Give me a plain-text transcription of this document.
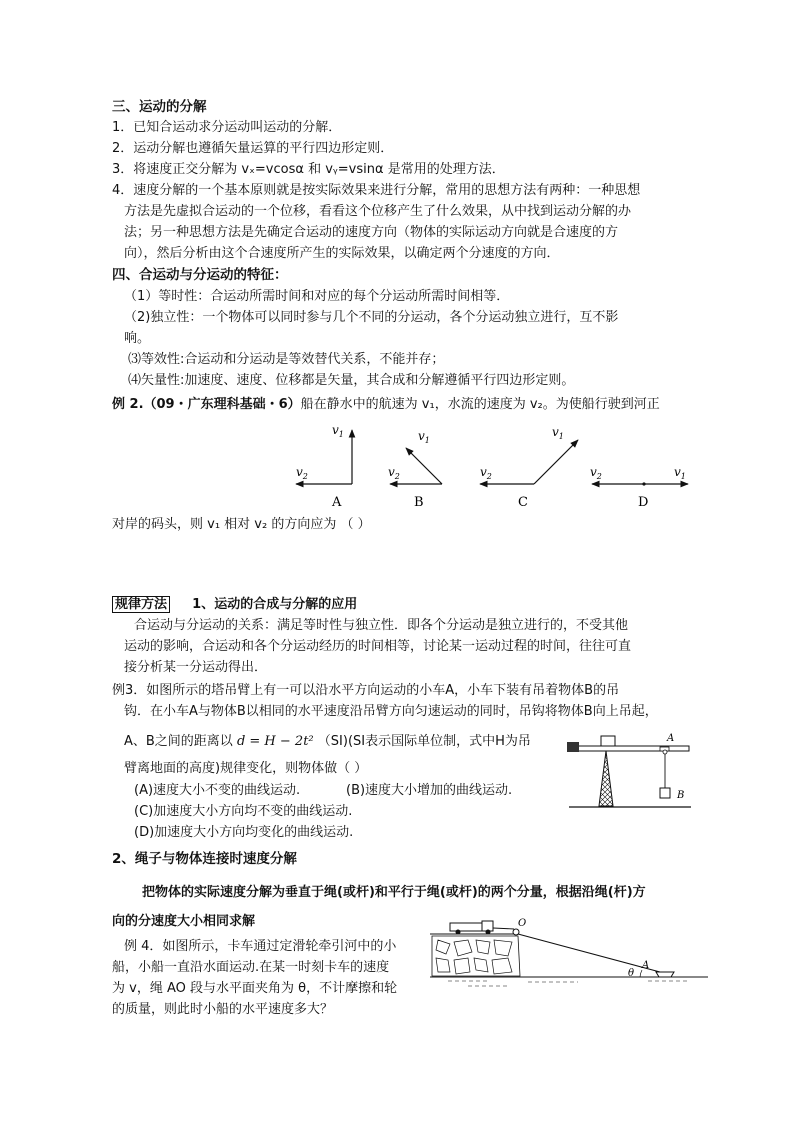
三、运动的分解
1．已知合运动求分运动叫运动的分解．
2．运动分解也遵循矢量运算的平行四边形定则．
3．将速度正交分解为 vₓ=vcosα 和 vᵧ=vsinα 是常用的处理方法．
4．速度分解的一个基本原则就是按实际效果来进行分解，常用的思想方法有两种：一种思想
方法是先虚拟合运动的一个位移，看看这个位移产生了什么效果，从中找到运动分解的办
法；另一种思想方法是先确定合运动的速度方向（物体的实际运动方向就是合速度的方
向），然后分析由这个合速度所产生的实际效果，以确定两个分速度的方向．
四、合运动与分运动的特征：
（1）等时性：合运动所需时间和对应的每个分运动所需时间相等．
（2)独立性：一个物体可以同时参与几个不同的分运动，各个分运动独立进行，互不影
响。
⑶等效性:合运动和分运动是等效替代关系，不能并存；
⑷矢量性:加速度、速度、位移都是矢量，其合成和分解遵循平行四边形定则。
例 2.（09・广东理科基础・6）船在静水中的航速为 v₁，水流的速度为 v₂。为使船行驶到河正
$v_1$
$v_2$
A
$v_1$
$v_2$
B
$v_1$
$v_2$
C
$v_1$
$v_2$
D
对岸的码头，则 v₁ 相对 v₂ 的方向应为 （ ）
规律方法 1、运动的合成与分解的应用
合运动与分运动的关系：满足等时性与独立性．即各个分运动是独立进行的，不受其他
运动的影响，合运动和各个分运动经历的时间相等，讨论某一运动过程的时间，往往可直
接分析某一分运动得出．
例3．如图所示的塔吊臂上有一可以沿水平方向运动的小车A，小车下装有吊着物体B的吊
钩．在小车A与物体B以相同的水平速度沿吊臂方向匀速运动的同时，吊钩将物体B向上吊起，
A、B之间的距离以 d = H − 2t² （SI)(SI表示国际单位制，式中H为吊
臂离地面的高度)规律变化，则物体做（ ）
(A)速度大小不变的曲线运动.	(B)速度大小增加的曲线运动.
(C)加速度大小方向均不变的曲线运动.
(D)加速度大小方向均变化的曲线运动.
A
B
2、绳子与物体连接时速度分解
把物体的实际速度分解为垂直于绳(或杆)和平行于绳(或杆)的两个分量，根据沿绳(杆)方
向的分速度大小相同求解
例 4．如图所示，卡车通过定滑轮牵引河中的小
船，小船一直沿水面运动.在某一时刻卡车的速度
为 v，绳 AO 段与水平面夹角为 θ，不计摩擦和轮
的质量，则此时小船的水平速度多大？
O
A
θ
